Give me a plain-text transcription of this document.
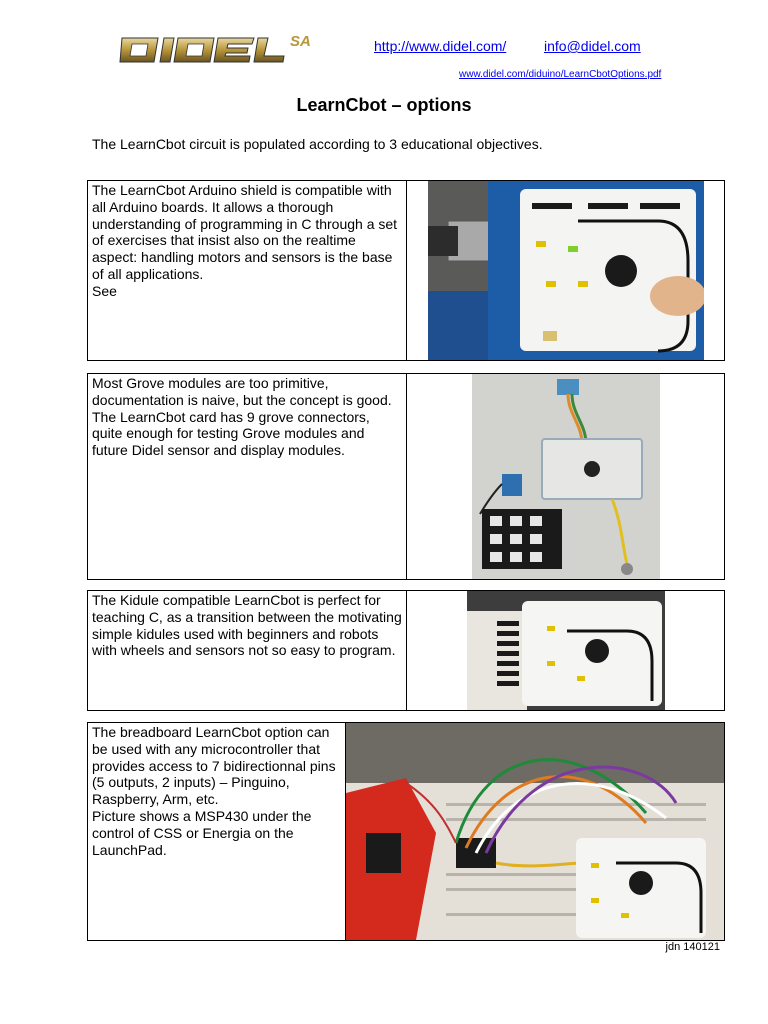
SA	http://www.didel.com/	info@didel.com
www.didel.com/diduino/LearnCbotOptions.pdf
LearnCbot – options
The LearnCbot circuit is populated according to 3 educational objectives.
The LearnCbot Arduino shield is compatible with all Arduino boards. It allows a thorough understanding of programming in C through a set of exercises that insist also on the realtime aspect: handling motors and sensors is the base of all applications.
See
Most Grove modules are too primitive, documentation is naive, but the concept is good. The LearnCbot card has 9 grove connectors, quite enough for testing Grove modules and future Didel sensor and display modules.
The Kidule compatible LearnCbot is perfect for teaching C, as a transition between the motivating simple kidules used with beginners and robots with wheels and sensors not so easy to program.
The breadboard LearnCbot option can be used with any microcontroller that provides access to 7 bidirectionnal pins (5 outputs, 2 inputs) – Pinguino, Raspberry, Arm, etc.
Picture shows a MSP430 under the control of CSS or Energia on the LaunchPad.
jdn 140121
